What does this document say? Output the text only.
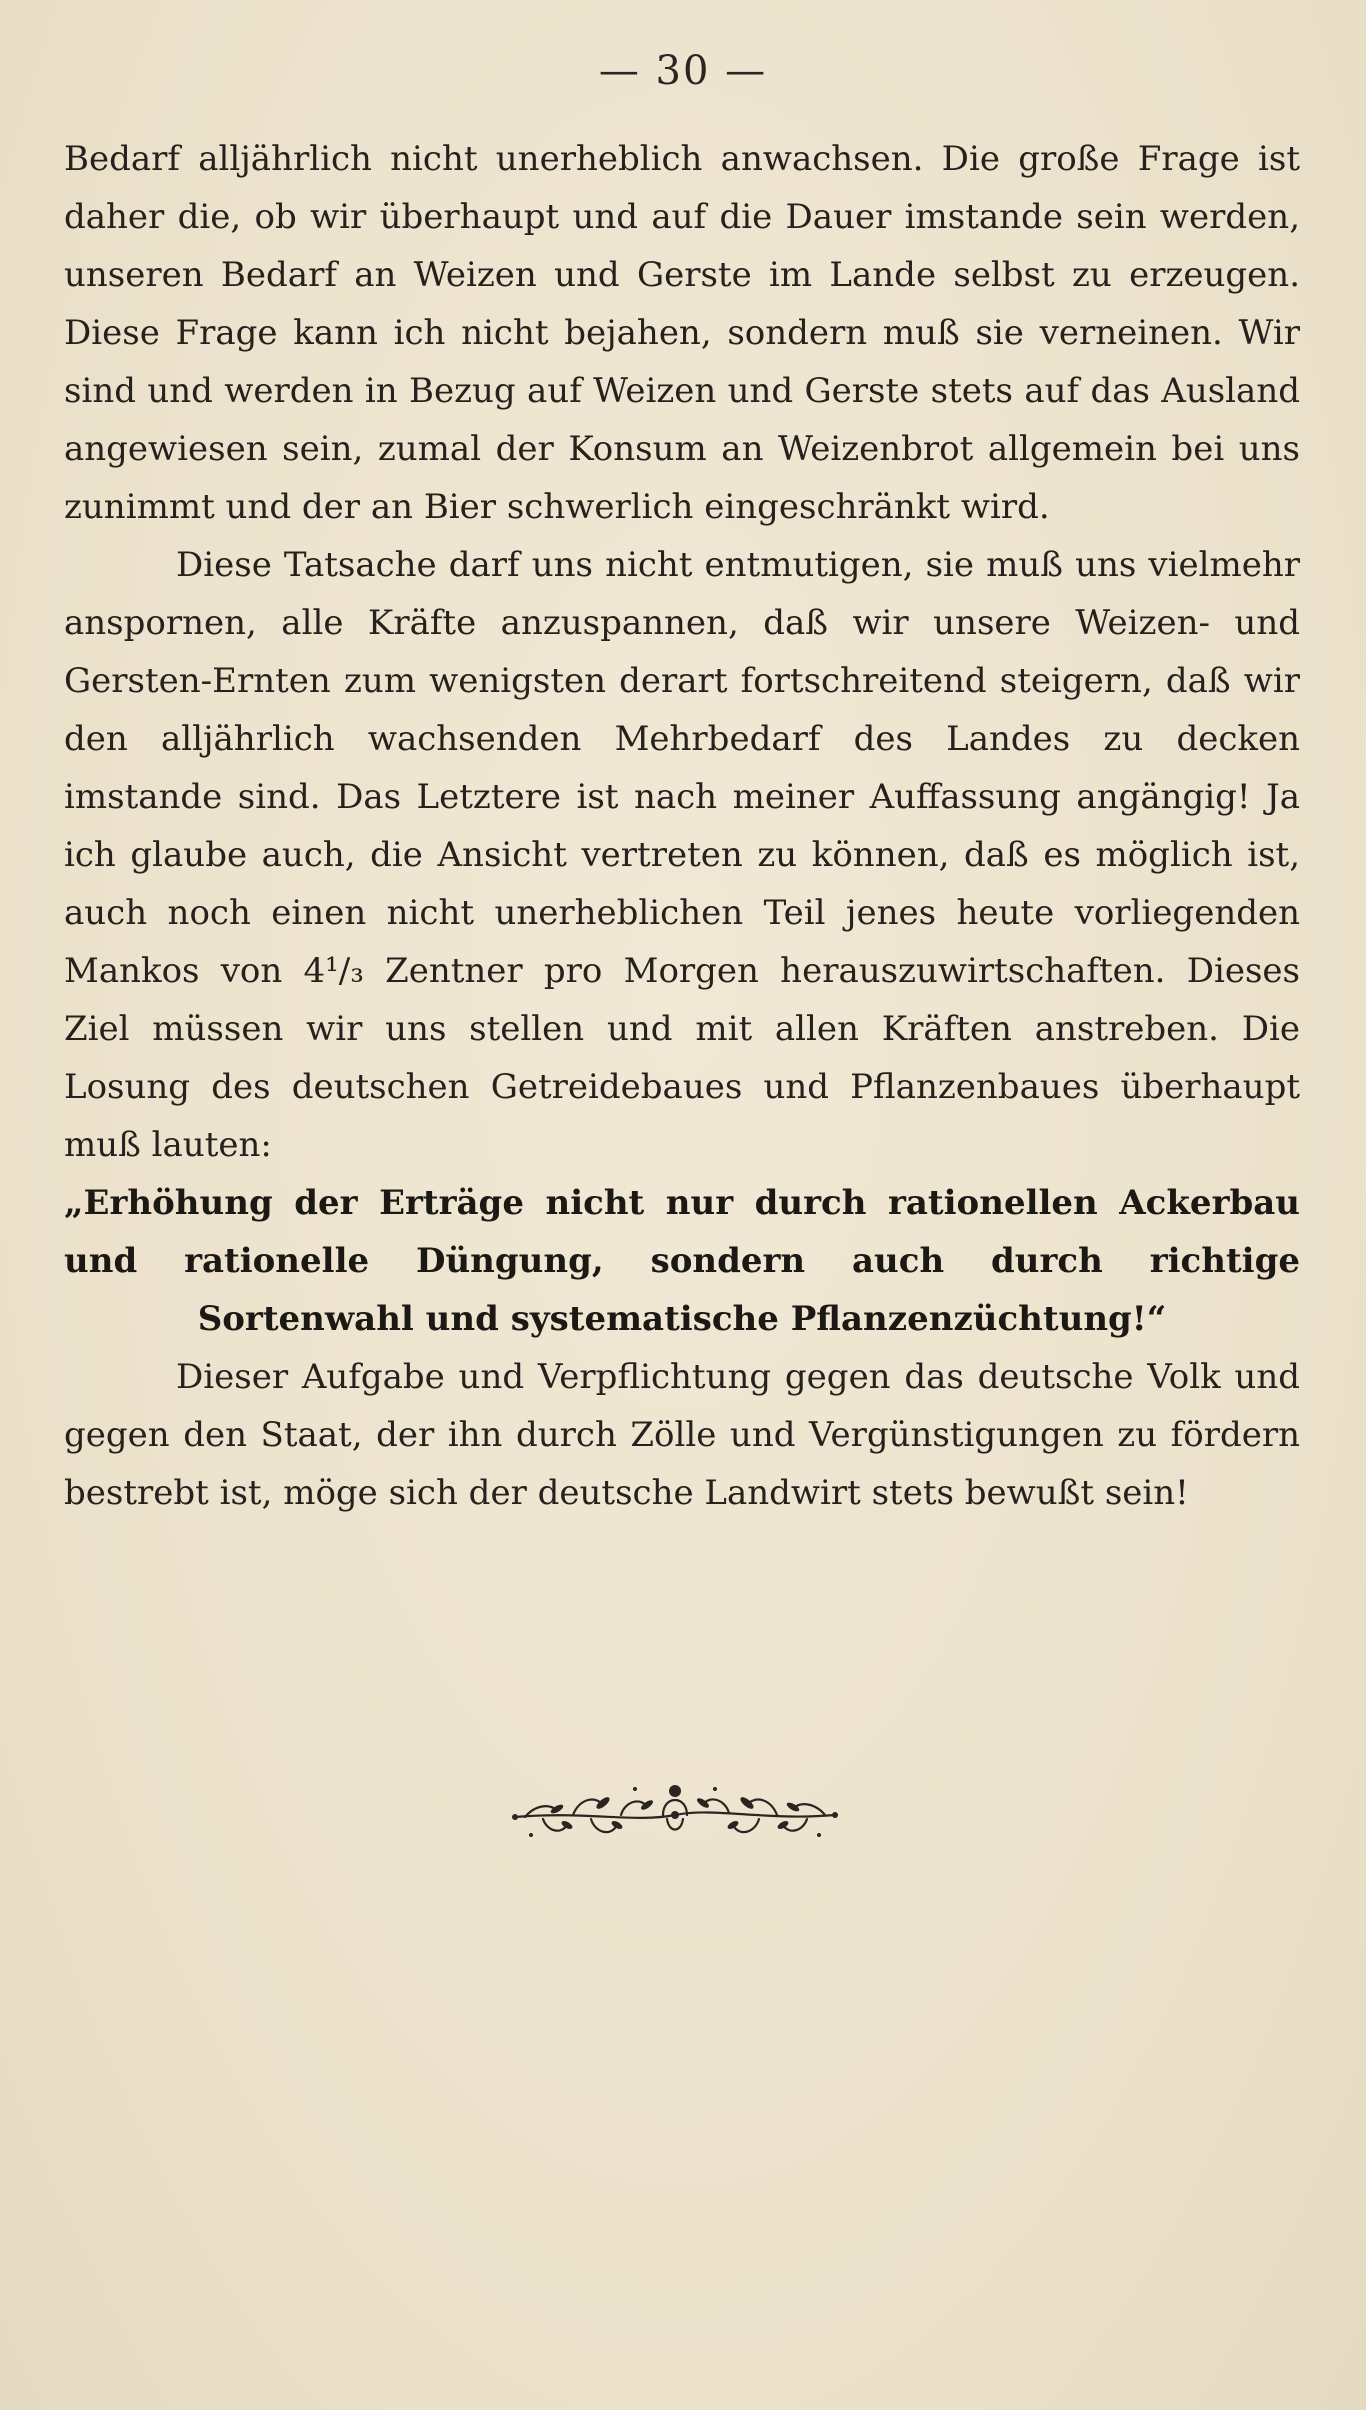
— 30 —

Bedarf alljährlich nicht unerheblich anwachsen. Die große Frage ist daher die, ob wir überhaupt und auf die Dauer imstande sein werden, unseren Bedarf an Weizen und Gerste im Lande selbst zu erzeugen. Diese Frage kann ich nicht bejahen, sondern muß sie verneinen. Wir sind und werden in Bezug auf Weizen und Gerste stets auf das Ausland angewiesen sein, zumal der Konsum an Weizenbrot allgemein bei uns zunimmt und der an Bier schwerlich eingeschränkt wird.

Diese Tatsache darf uns nicht entmutigen, sie muß uns vielmehr anspornen, alle Kräfte anzuspannen, daß wir unsere Weizen- und Gersten-Ernten zum wenigsten derart fortschreitend steigern, daß wir den alljährlich wachsenden Mehrbedarf des Landes zu decken imstande sind. Das Letztere ist nach meiner Auffassung angängig! Ja ich glaube auch, die Ansicht vertreten zu können, daß es möglich ist, auch noch einen nicht unerheblichen Teil jenes heute vorliegenden Mankos von 4¹/₃ Zentner pro Morgen herauszuwirtschaften. Dieses Ziel müssen wir uns stellen und mit allen Kräften anstreben. Die Losung des deutschen Getreidebaues und Pflanzenbaues überhaupt muß lauten:

„Erhöhung der Erträge nicht nur durch rationellen Ackerbau und rationelle Düngung, sondern auch durch richtige Sortenwahl und systematische Pflanzenzüchtung!“

Dieser Aufgabe und Verpflichtung gegen das deutsche Volk und gegen den Staat, der ihn durch Zölle und Vergünstigungen zu fördern bestrebt ist, möge sich der deutsche Landwirt stets bewußt sein!
